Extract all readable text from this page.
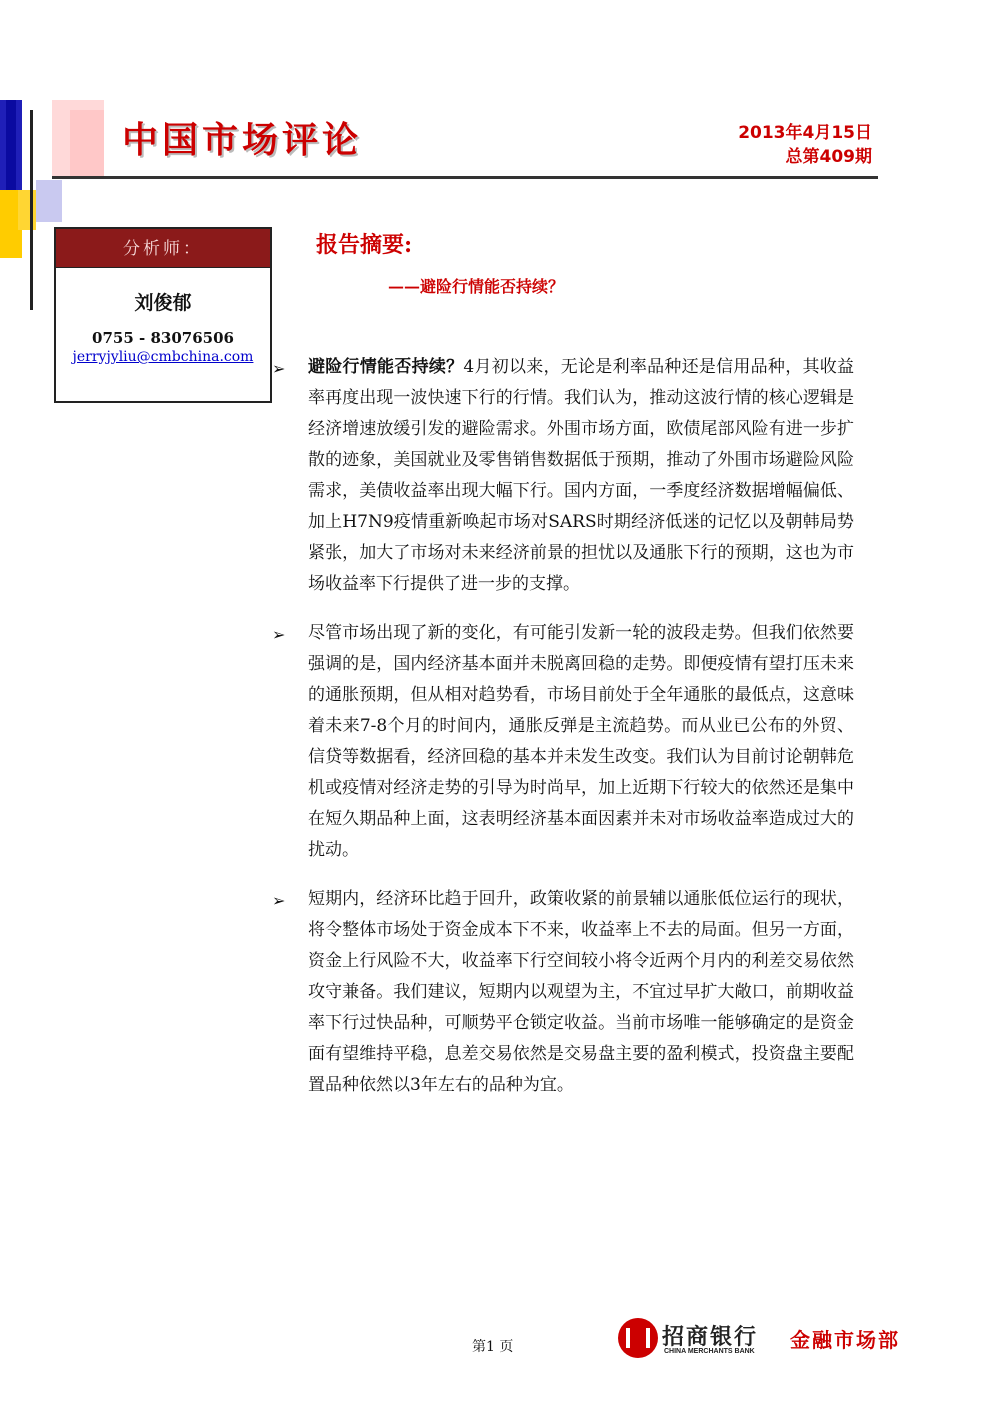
中国市场评论	2013年4月15日
总第409期
分析师：
刘俊郁
0755 - 83076506
jerryjyliu@cmbchina.com
报告摘要:
——避险行情能否持续？
➢ 避险行情能否持续？4月初以来，无论是利率品种还是信用品种，其收益率再度出现一波快速下行的行情。我们认为，推动这波行情的核心逻辑是经济增速放缓引发的避险需求。外围市场方面，欧债尾部风险有进一步扩散的迹象，美国就业及零售销售数据低于预期，推动了外围市场避险风险需求，美债收益率出现大幅下行。国内方面，一季度经济数据增幅偏低、加上H7N9疫情重新唤起市场对SARS时期经济低迷的记忆以及朝韩局势紧张，加大了市场对未来经济前景的担忧以及通胀下行的预期，这也为市场收益率下行提供了进一步的支撑。
➢ 尽管市场出现了新的变化，有可能引发新一轮的波段走势。但我们依然要强调的是，国内经济基本面并未脱离回稳的走势。即便疫情有望打压未来的通胀预期，但从相对趋势看，市场目前处于全年通胀的最低点，这意味着未来7-8个月的时间内，通胀反弹是主流趋势。而从业已公布的外贸、信贷等数据看，经济回稳的基本并未发生改变。我们认为目前讨论朝韩危机或疫情对经济走势的引导为时尚早，加上近期下行较大的依然还是集中在短久期品种上面，这表明经济基本面因素并未对市场收益率造成过大的扰动。
➢ 短期内，经济环比趋于回升，政策收紧的前景辅以通胀低位运行的现状，将令整体市场处于资金成本下不来，收益率上不去的局面。但另一方面，资金上行风险不大，收益率下行空间较小将令近两个月内的利差交易依然攻守兼备。我们建议，短期内以观望为主，不宜过早扩大敞口，前期收益率下行过快品种，可顺势平仓锁定收益。当前市场唯一能够确定的是资金面有望维持平稳，息差交易依然是交易盘主要的盈利模式，投资盘主要配置品种依然以3年左右的品种为宜。
第1 页	招商银行
CHINA MERCHANTS BANK 金融市场部
